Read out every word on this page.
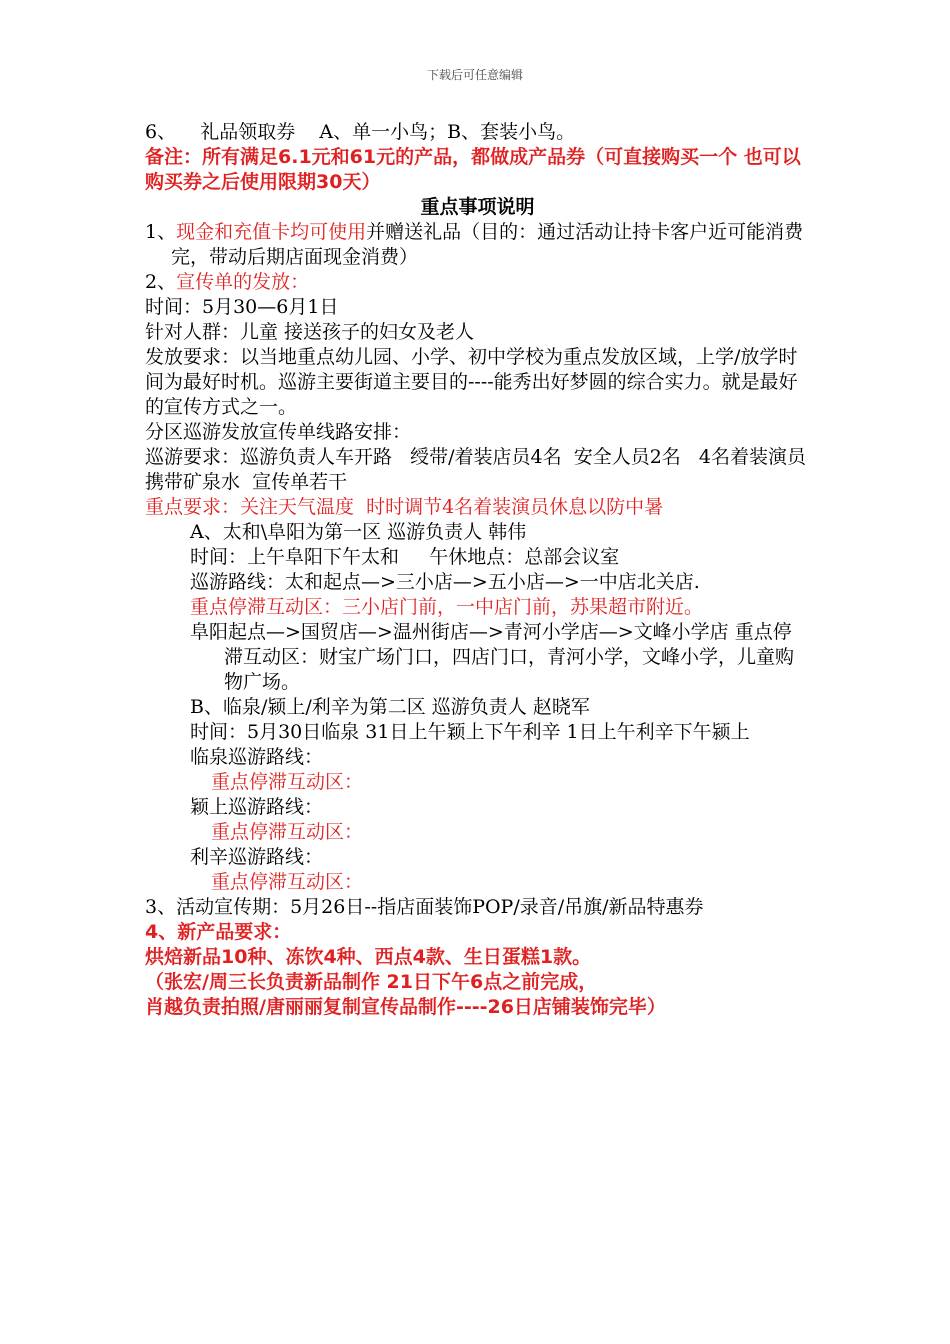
下载后可任意编辑

6、    礼品领取券    A、单一小鸟；B、套装小鸟。

备注：所有满足6.1元和61元的产品，都做成产品券（可直接购买一个 也可以购买券之后使用限期30天）

重点事项说明

1、现金和充值卡均可使用并赠送礼品（目的：通过活动让持卡客户近可能消费完，带动后期店面现金消费）

2、宣传单的发放：

时间：5月30—6月1日

针对人群：儿童 接送孩子的妇女及老人

发放要求：以当地重点幼儿园、小学、初中学校为重点发放区域，上学/放学时间为最好时机。巡游主要街道主要目的----能秀出好梦圆的综合实力。就是最好的宣传方式之一。

分区巡游发放宣传单线路安排：

巡游要求：巡游负责人车开路   绶带/着装店员4名  安全人员2名   4名着装演员   携带矿泉水  宣传单若干

重点要求：关注天气温度  时时调节4名着装演员休息以防中暑

A、太和\阜阳为第一区 巡游负责人 韩伟

时间：上午阜阳下午太和     午休地点：总部会议室

巡游路线：太和起点—>三小店—>五小店—>一中店北关店.

重点停滞互动区：三小店门前，一中店门前，苏果超市附近。

阜阳起点—>国贸店—>温州街店—>青河小学店—>文峰小学店 重点停滞互动区：财宝广场门口，四店门口，青河小学，文峰小学，儿童购物广场。

B、临泉/颍上/利辛为第二区 巡游负责人 赵晓军

时间：5月30日临泉 31日上午颖上下午利辛 1日上午利辛下午颍上

临泉巡游路线：

重点停滞互动区：

颖上巡游路线：

重点停滞互动区：

利辛巡游路线：

重点停滞互动区：

3、活动宣传期：5月26日--指店面装饰POP/录音/吊旗/新品特惠券

4、新产品要求：

烘焙新品10种、冻饮4种、西点4款、生日蛋糕1款。

（张宏/周三长负责新品制作 21日下午6点之前完成，

肖越负责拍照/唐丽丽复制宣传品制作----26日店铺装饰完毕）
